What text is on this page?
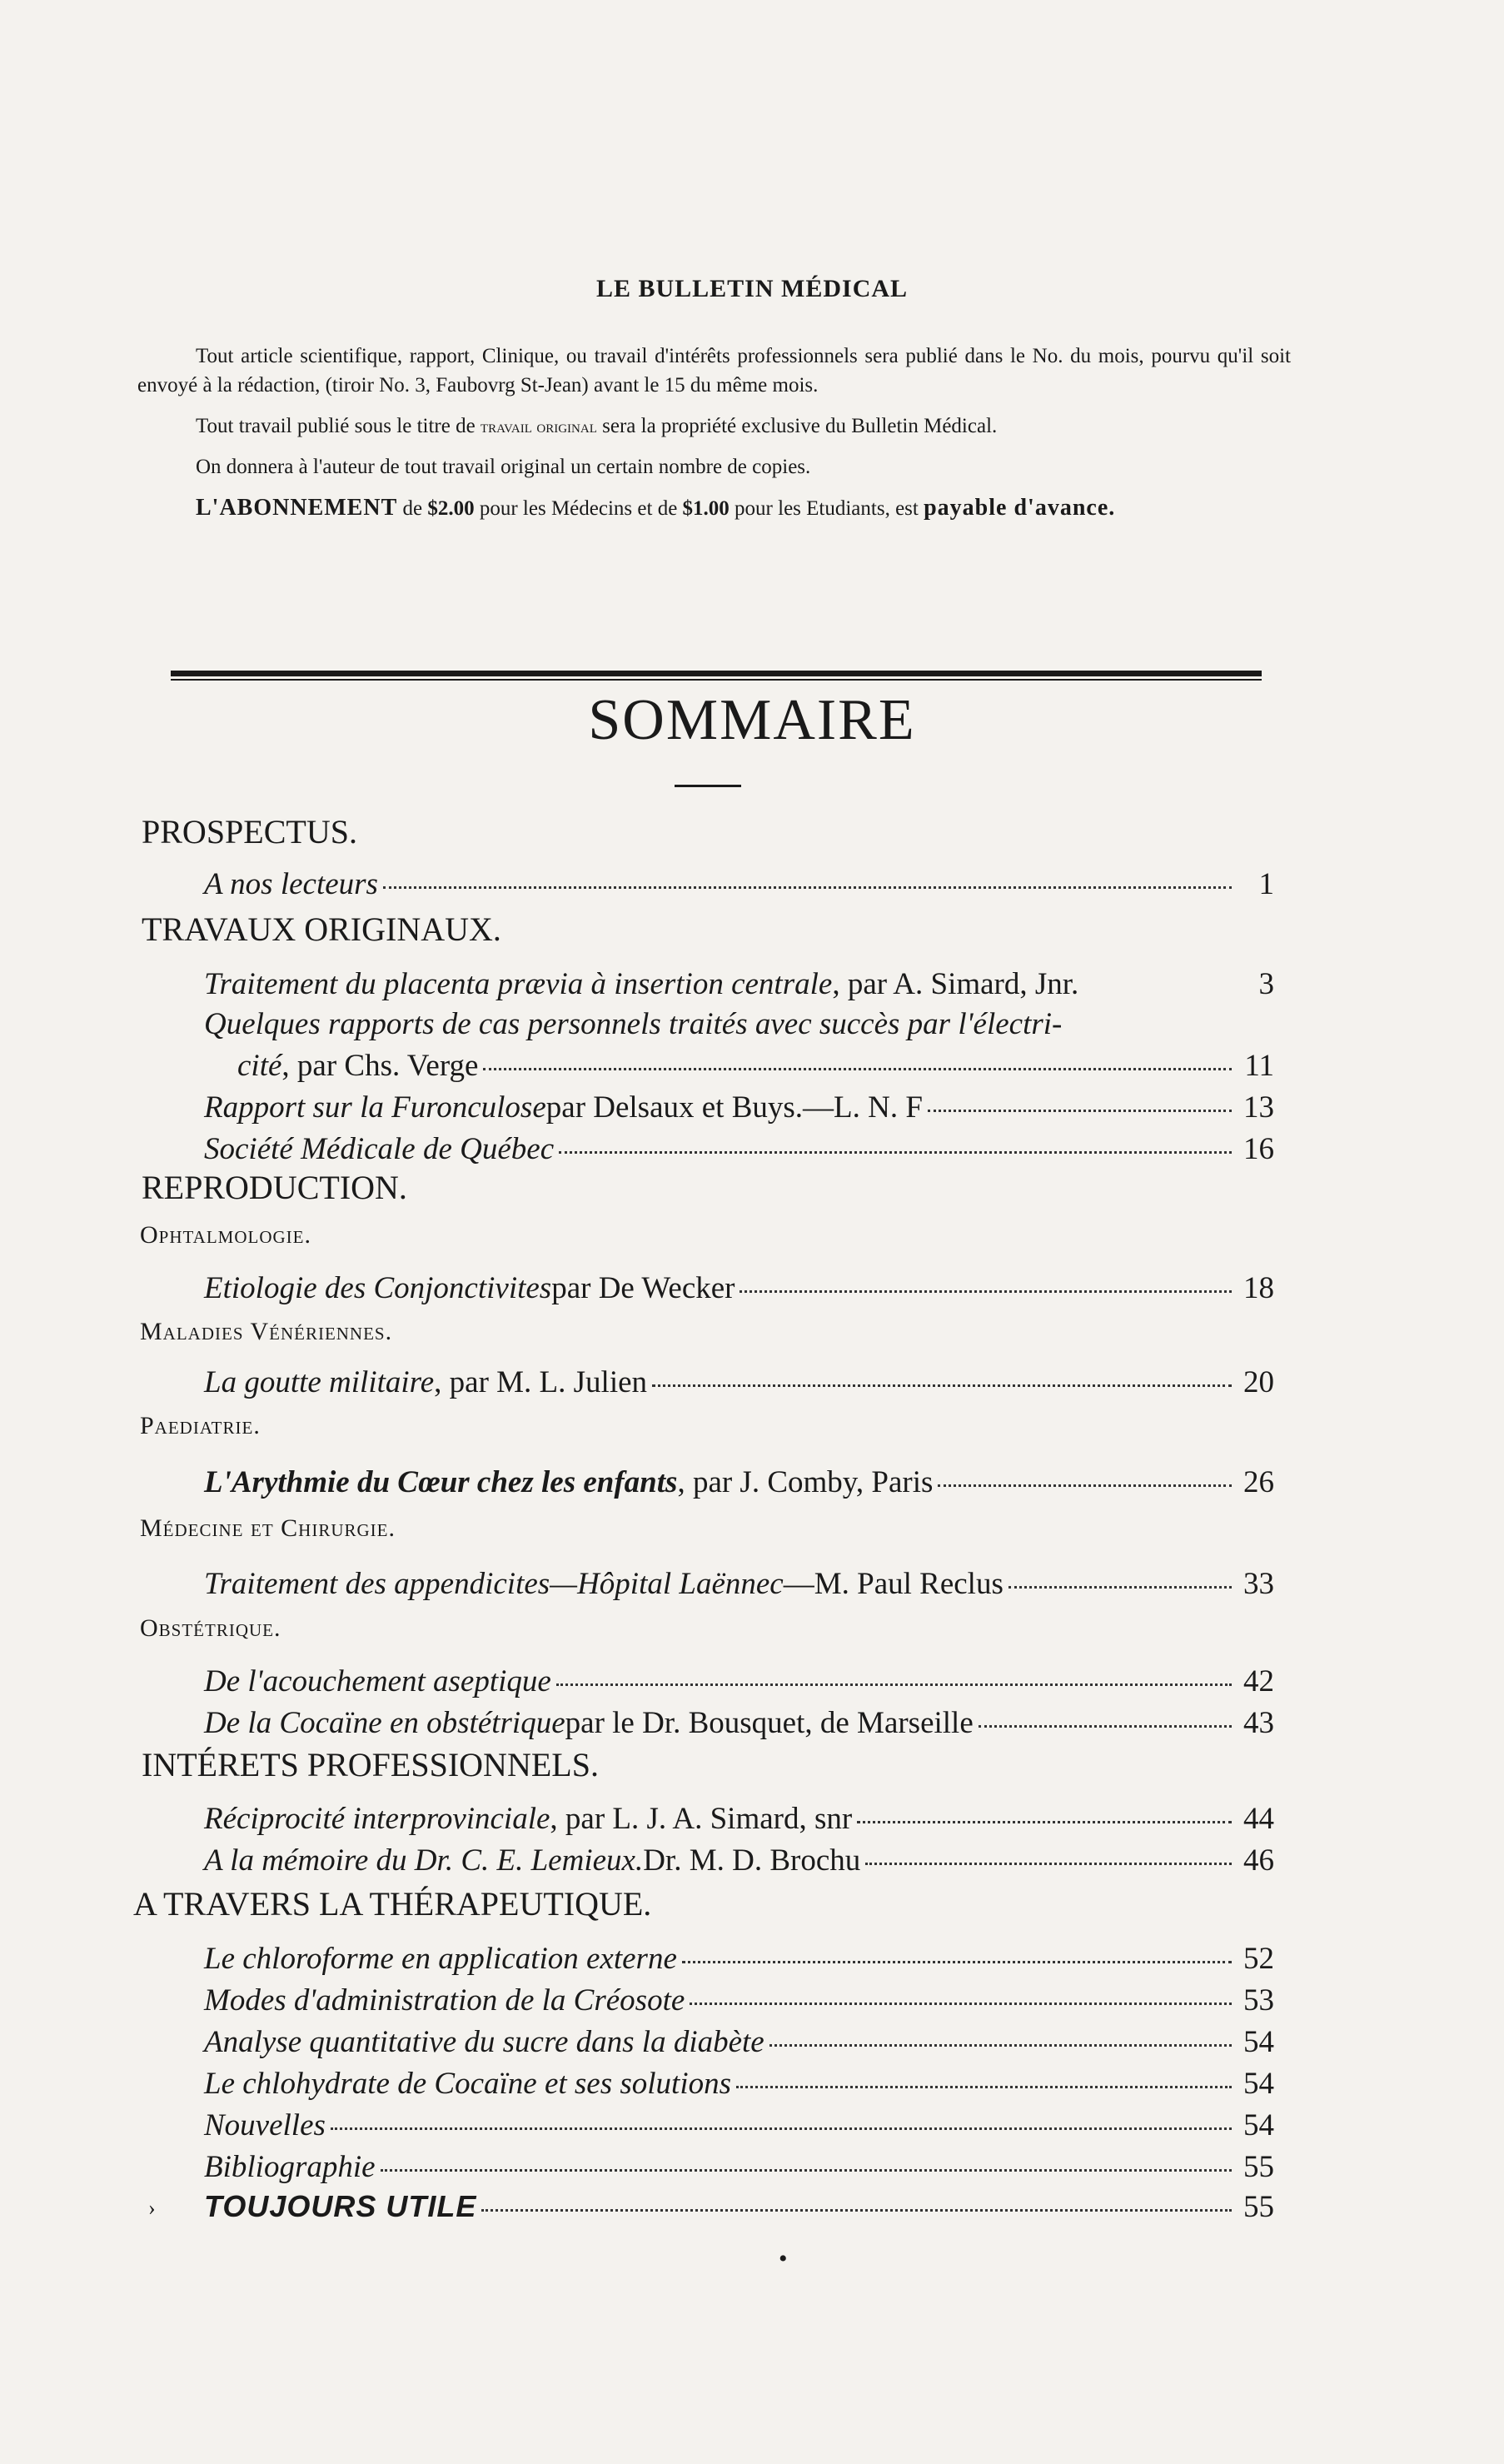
LE BULLETIN MÉDICAL

Tout article scientifique, rapport, Clinique, ou travail d'intérêts professionnels sera publié dans le No. du mois, pourvu qu'il soit envoyé à la rédaction, (tiroir No. 3, Faubovrg St-Jean) avant le 15 du même mois.

Tout travail publié sous le titre de travail original sera la propriété exclusive du Bulletin Médical.

On donnera à l'auteur de tout travail original un certain nombre de copies.

L'ABONNEMENT de $2.00 pour les Médecins et de $1.00 pour les Etudiants, est payable d'avance.

SOMMAIRE
PROSPECTUS.
A nos lecteurs	1
TRAVAUX ORIGINAUX.
Traitement du placenta prævia à insertion centrale , par A. Simard, Jnr.	3
Quelques rapports de cas personnels traités avec succès par l'électri-
cité , par Chs. Verge	11
Rapport sur la Furonculose par Delsaux et Buys.—L. N. F	13
Société Médicale de Québec	16
REPRODUCTION.
Ophtalmologie.
Etiologie des Conjonctivites par De Wecker	18
Maladies Vénériennes.
La goutte militaire , par M. L. Julien	20
Paediatrie.
L'Arythmie du Cœur chez les enfants , par J. Comby, Paris	26
Médecine et Chirurgie.
Traitement des appendicites—Hôpital Laënnec —M. Paul Reclus	33
Obstétrique.
De l'acouchement aseptique	42
De la Cocaïne en obstétrique par le Dr. Bousquet, de Marseille	43
INTÉRETS PROFESSIONNELS.
Réciprocité interprovinciale , par L. J. A. Simard, snr	44
A la mémoire du Dr. C. E. Lemieux. Dr. M. D. Brochu	46
A TRAVERS LA THÉRAPEUTIQUE.
Le chloroforme en application externe	52
Modes d'administration de la Créosote	53
Analyse quantitative du sucre dans la diabète	54
Le chlohydrate de Cocaïne et ses solutions	54
Nouvelles	54
Bibliographie	55
› TOUJOURS UTILE	55
•
